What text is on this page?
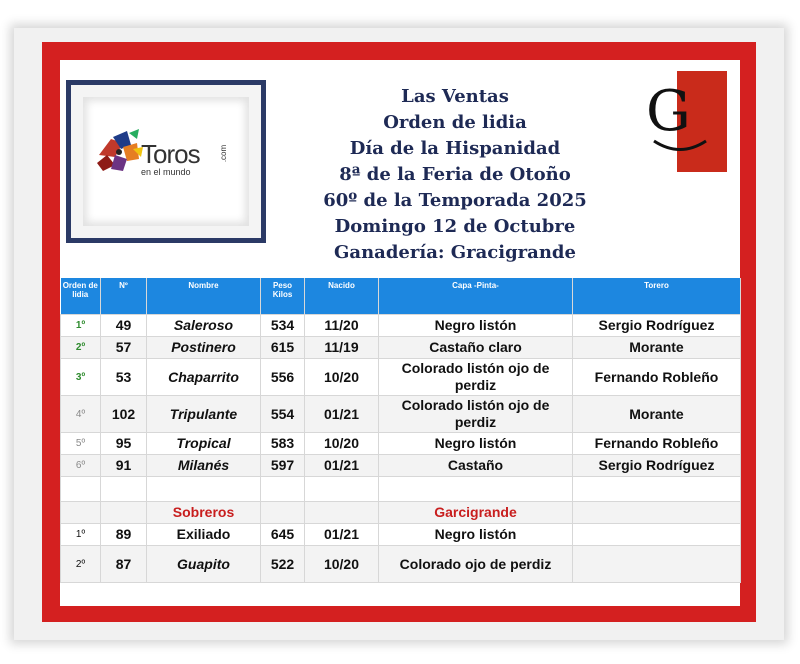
Toros
en el mundo
.com
Las Ventas
Orden de lidia
Día de la Hispanidad
8ª de la Feria de Otoño
60º de la Temporada 2025
Domingo 12 de Octubre
Ganadería: Gracigrande
G
Orden de lidia	Nº	Nombre	Peso Kilos	Nacido	Capa -Pinta-	Torero
1º	49	Saleroso	534	11/20	Negro listón	Sergio Rodríguez
2º	57	Postinero	615	11/19	Castaño claro	Morante
3º	53	Chaparrito	556	10/20	Colorado listón ojo de perdiz	Fernando Robleño
4º	102	Tripulante	554	01/21	Colorado listón ojo de perdiz	Morante
5º	95	Tropical	583	10/20	Negro listón	Fernando Robleño
6º	91	Milanés	597	01/21	Castaño	Sergio Rodríguez

		Sobreros			Garcigrande	
1º	89	Exiliado	645	01/21	Negro listón	
2º	87	Guapito	522	10/20	Colorado ojo de perdiz	
